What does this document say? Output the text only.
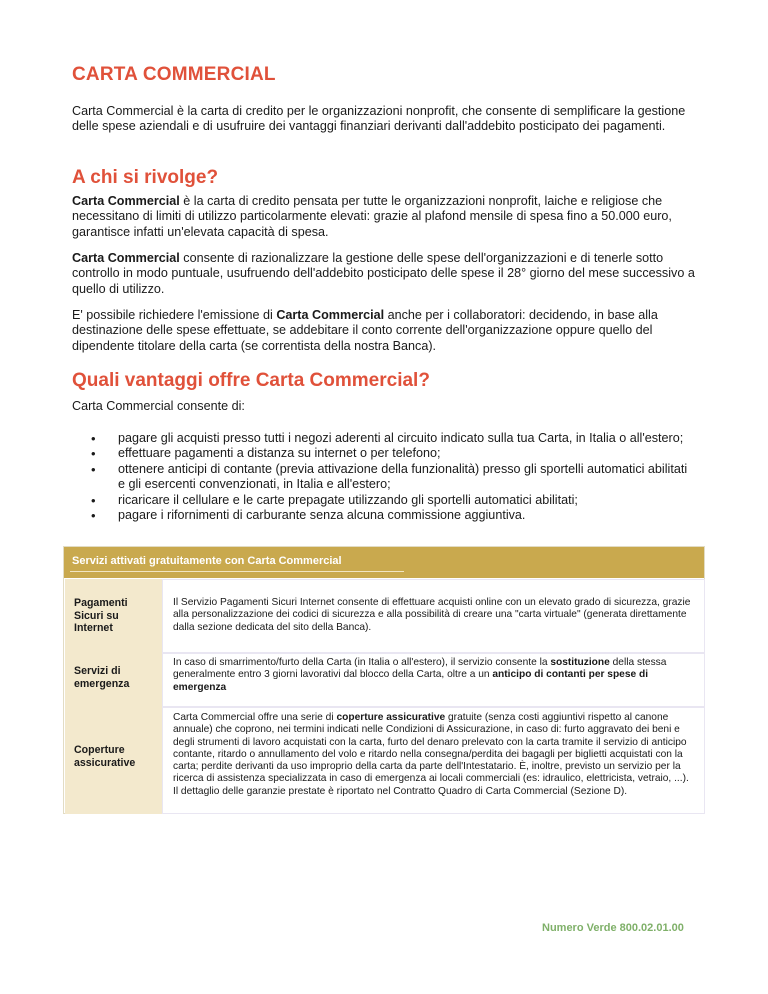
CARTA COMMERCIAL

Carta Commercial è la carta di credito per le organizzazioni nonprofit, che consente di semplificare la gestione delle spese aziendali e di usufruire dei vantaggi finanziari derivanti dall'addebito posticipato dei pagamenti.

A chi si rivolge?

Carta Commercial è la carta di credito pensata per tutte le organizzazioni nonprofit, laiche e religiose che necessitano di limiti di utilizzo particolarmente elevati: grazie al plafond mensile di spesa fino a 50.000 euro, garantisce infatti un'elevata capacità di spesa.

Carta Commercial consente di razionalizzare la gestione delle spese dell'organizzazioni e di tenerle sotto controllo in modo puntuale, usufruendo dell'addebito posticipato delle spese il 28° giorno del mese successivo a quello di utilizzo.

E' possibile richiedere l'emissione di Carta Commercial anche per i collaboratori: decidendo, in base alla destinazione delle spese effettuate, se addebitare il conto corrente dell'organizzazione oppure quello del dipendente titolare della carta (se correntista della nostra Banca).

Quali vantaggi offre Carta Commercial?

Carta Commercial consente di:

• pagare gli acquisti presso tutti i negozi aderenti al circuito indicato sulla tua Carta, in Italia o all'estero;
• effettuare pagamenti a distanza su internet o per telefono;
• ottenere anticipi di contante (previa attivazione della funzionalità) presso gli sportelli automatici abilitati e gli esercenti convenzionati, in Italia e all'estero;
• ricaricare il cellulare e le carte prepagate utilizzando gli sportelli automatici abilitati;
• pagare i rifornimenti di carburante senza alcuna commissione aggiuntiva.
Servizi attivati gratuitamente con Carta Commercial
Pagamenti Sicuri su Internet

Il Servizio Pagamenti Sicuri Internet consente di effettuare acquisti online con un elevato grado di sicurezza, grazie alla personalizzazione dei codici di sicurezza e alla possibilità di creare una "carta virtuale" (generata direttamente dalla sezione dedicata del sito della Banca).

Servizi di emergenza

In caso di smarrimento/furto della Carta (in Italia o all'estero), il servizio consente la sostituzione della stessa generalmente entro 3 giorni lavorativi dal blocco della Carta, oltre a un anticipo di contanti per spese di emergenza

Coperture assicurative

Carta Commercial offre una serie di coperture assicurative gratuite (senza costi aggiuntivi rispetto al canone annuale) che coprono, nei termini indicati nelle Condizioni di Assicurazione, in caso di: furto aggravato dei beni e degli strumenti di lavoro acquistati con la carta, furto del denaro prelevato con la carta tramite il servizio di anticipo contante, ritardo o annullamento del volo e ritardo nella consegna/perdita dei bagagli per biglietti acquistati con la carta; perdite derivanti da uso improprio della carta da parte dell'Intestatario. È, inoltre, previsto un servizio per la ricerca di assistenza specializzata in caso di emergenza ai locali commerciali (es: idraulico, elettricista, vetraio, ...).
Il dettaglio delle garanzie prestate è riportato nel Contratto Quadro di Carta Commercial (Sezione D).

Numero Verde 800.02.01.00
